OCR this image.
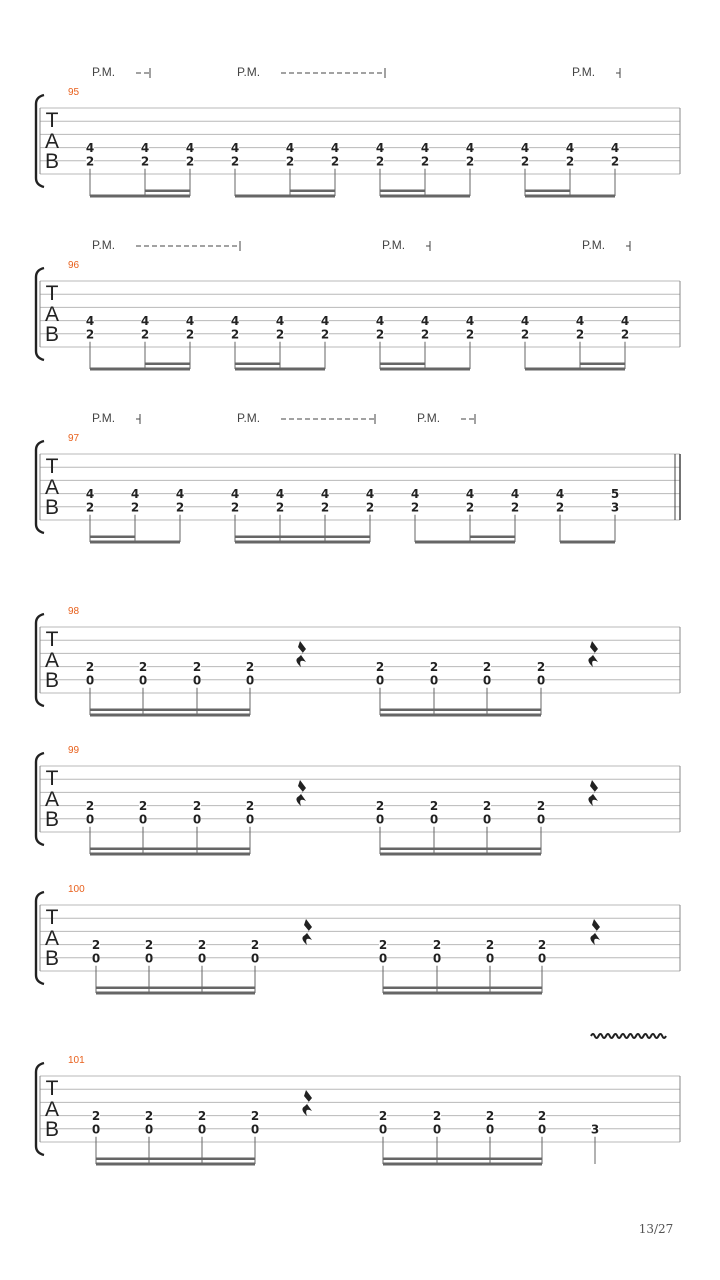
T
A
B
95
P.M.	P.M.	P.M.
4
2
4
2
4
2
4
2
4
2
4
2
4
2
4
2
4
2
4
2
4
2
4
2
T
A
B
96
P.M.	P.M.	P.M.
4
2
4
2
4
2
4
2
4
2
4
2
4
2
4
2
4
2
4
2
4
2
4
2
T
A
B
97
P.M.	P.M.	P.M.
4
2
4
2
4
2
4
2
4
2
4
2
4
2
4
2
4
2
4
2
4
2
5
3
T
A
B
98
2
0
2
0
2
0
2
0
2
0
2
0
2
0
2
0
T
A
B
99
2
0
2
0
2
0
2
0
2
0
2
0
2
0
2
0
T
A
B
100
2
0
2
0
2
0
2
0
2
0
2
0
2
0
2
0
T
A
B
101
2
0
2
0
2
0
2
0
2
0
2
0
2
0
2
0	3
13/27
